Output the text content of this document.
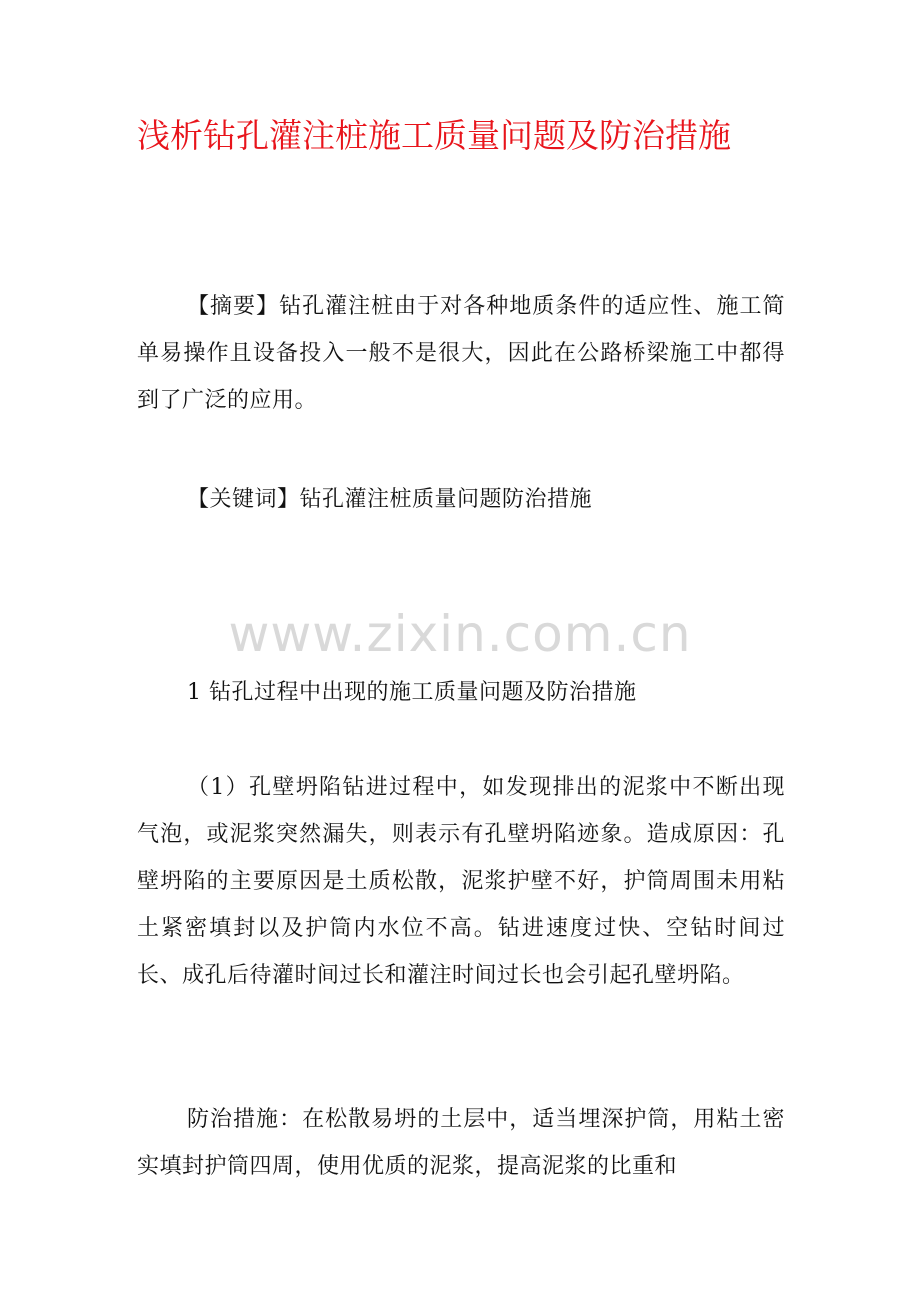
浅析钻孔灌注桩施工质量问题及防治措施

【摘要】钻孔灌注桩由于对各种地质条件的适应性、施工简单易操作且设备投入一般不是很大，因此在公路桥梁施工中都得到了广泛的应用。

【关键词】钻孔灌注桩质量问题防治措施

www.zixin.com.cn

1 钻孔过程中出现的施工质量问题及防治措施

（1）孔壁坍陷钻进过程中，如发现排出的泥浆中不断出现气泡，或泥浆突然漏失，则表示有孔壁坍陷迹象。造成原因：孔壁坍陷的主要原因是土质松散，泥浆护壁不好，护筒周围未用粘土紧密填封以及护筒内水位不高。钻进速度过快、空钻时间过长、成孔后待灌时间过长和灌注时间过长也会引起孔壁坍陷。

防治措施：在松散易坍的土层中，适当埋深护筒，用粘土密实填封护筒四周，使用优质的泥浆，提高泥浆的比重和
